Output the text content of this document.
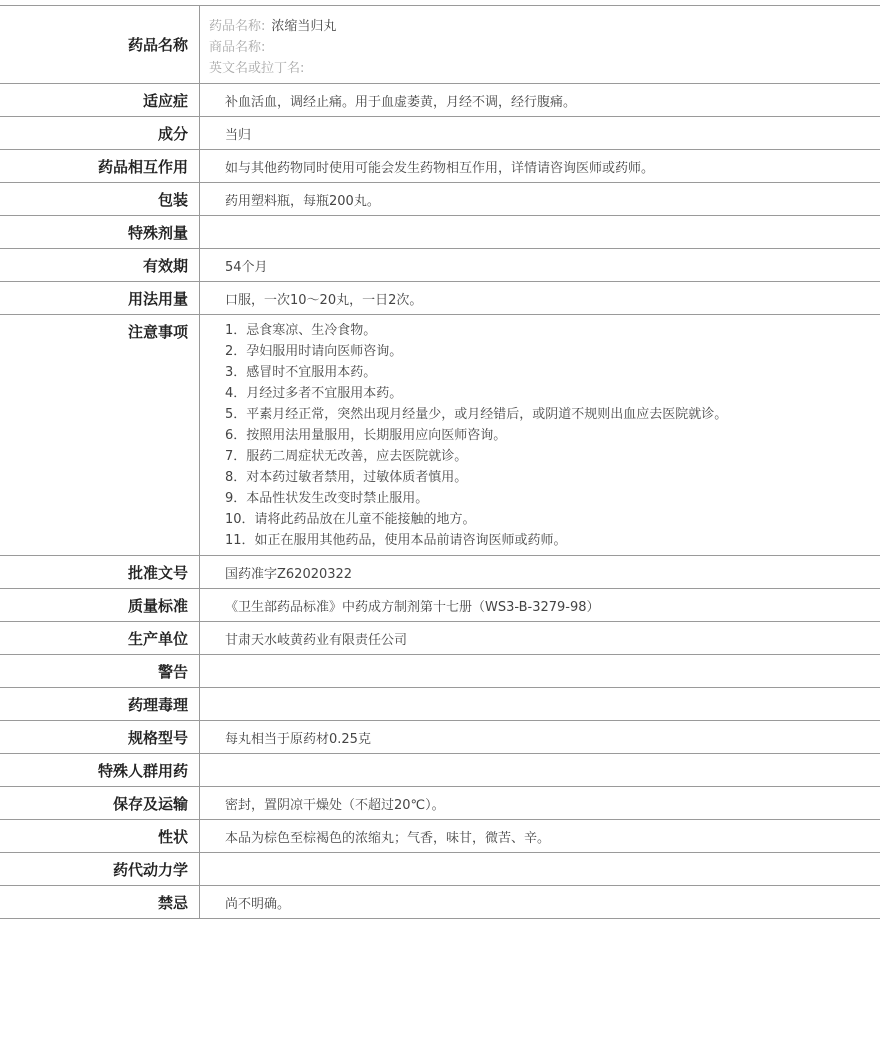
药品名称
药品名称: 浓缩当归丸
商品名称:
英文名或拉丁名:
适应症	补血活血，调经止痛。用于血虚萎黄，月经不调，经行腹痛。
成分	当归
药品相互作用	如与其他药物同时使用可能会发生药物相互作用，详情请咨询医师或药师。
包装	药用塑料瓶，每瓶200丸。
特殊剂量
有效期	54个月
用法用量	口服，一次10～20丸，一日2次。
注意事项	1．忌食寒凉、生冷食物。
2．孕妇服用时请向医师咨询。
3．感冒时不宜服用本药。
4．月经过多者不宜服用本药。
5．平素月经正常，突然出现月经量少，或月经错后，或阴道不规则出血应去医院就诊。
6．按照用法用量服用，长期服用应向医师咨询。
7．服药二周症状无改善，应去医院就诊。
8．对本药过敏者禁用，过敏体质者慎用。
9．本品性状发生改变时禁止服用。
10．请将此药品放在儿童不能接触的地方。
11．如正在服用其他药品，使用本品前请咨询医师或药师。
批准文号	国药准字Z62020322
质量标准	《卫生部药品标准》中药成方制剂第十七册（WS3-B-3279-98）
生产单位	甘肃天水岐黄药业有限责任公司
警告
药理毒理
规格型号	每丸相当于原药材0.25克
特殊人群用药
保存及运输	密封，置阴凉干燥处（不超过20℃）。
性状	本品为棕色至棕褐色的浓缩丸；气香，味甘，微苦、辛。
药代动力学
禁忌	尚不明确。
